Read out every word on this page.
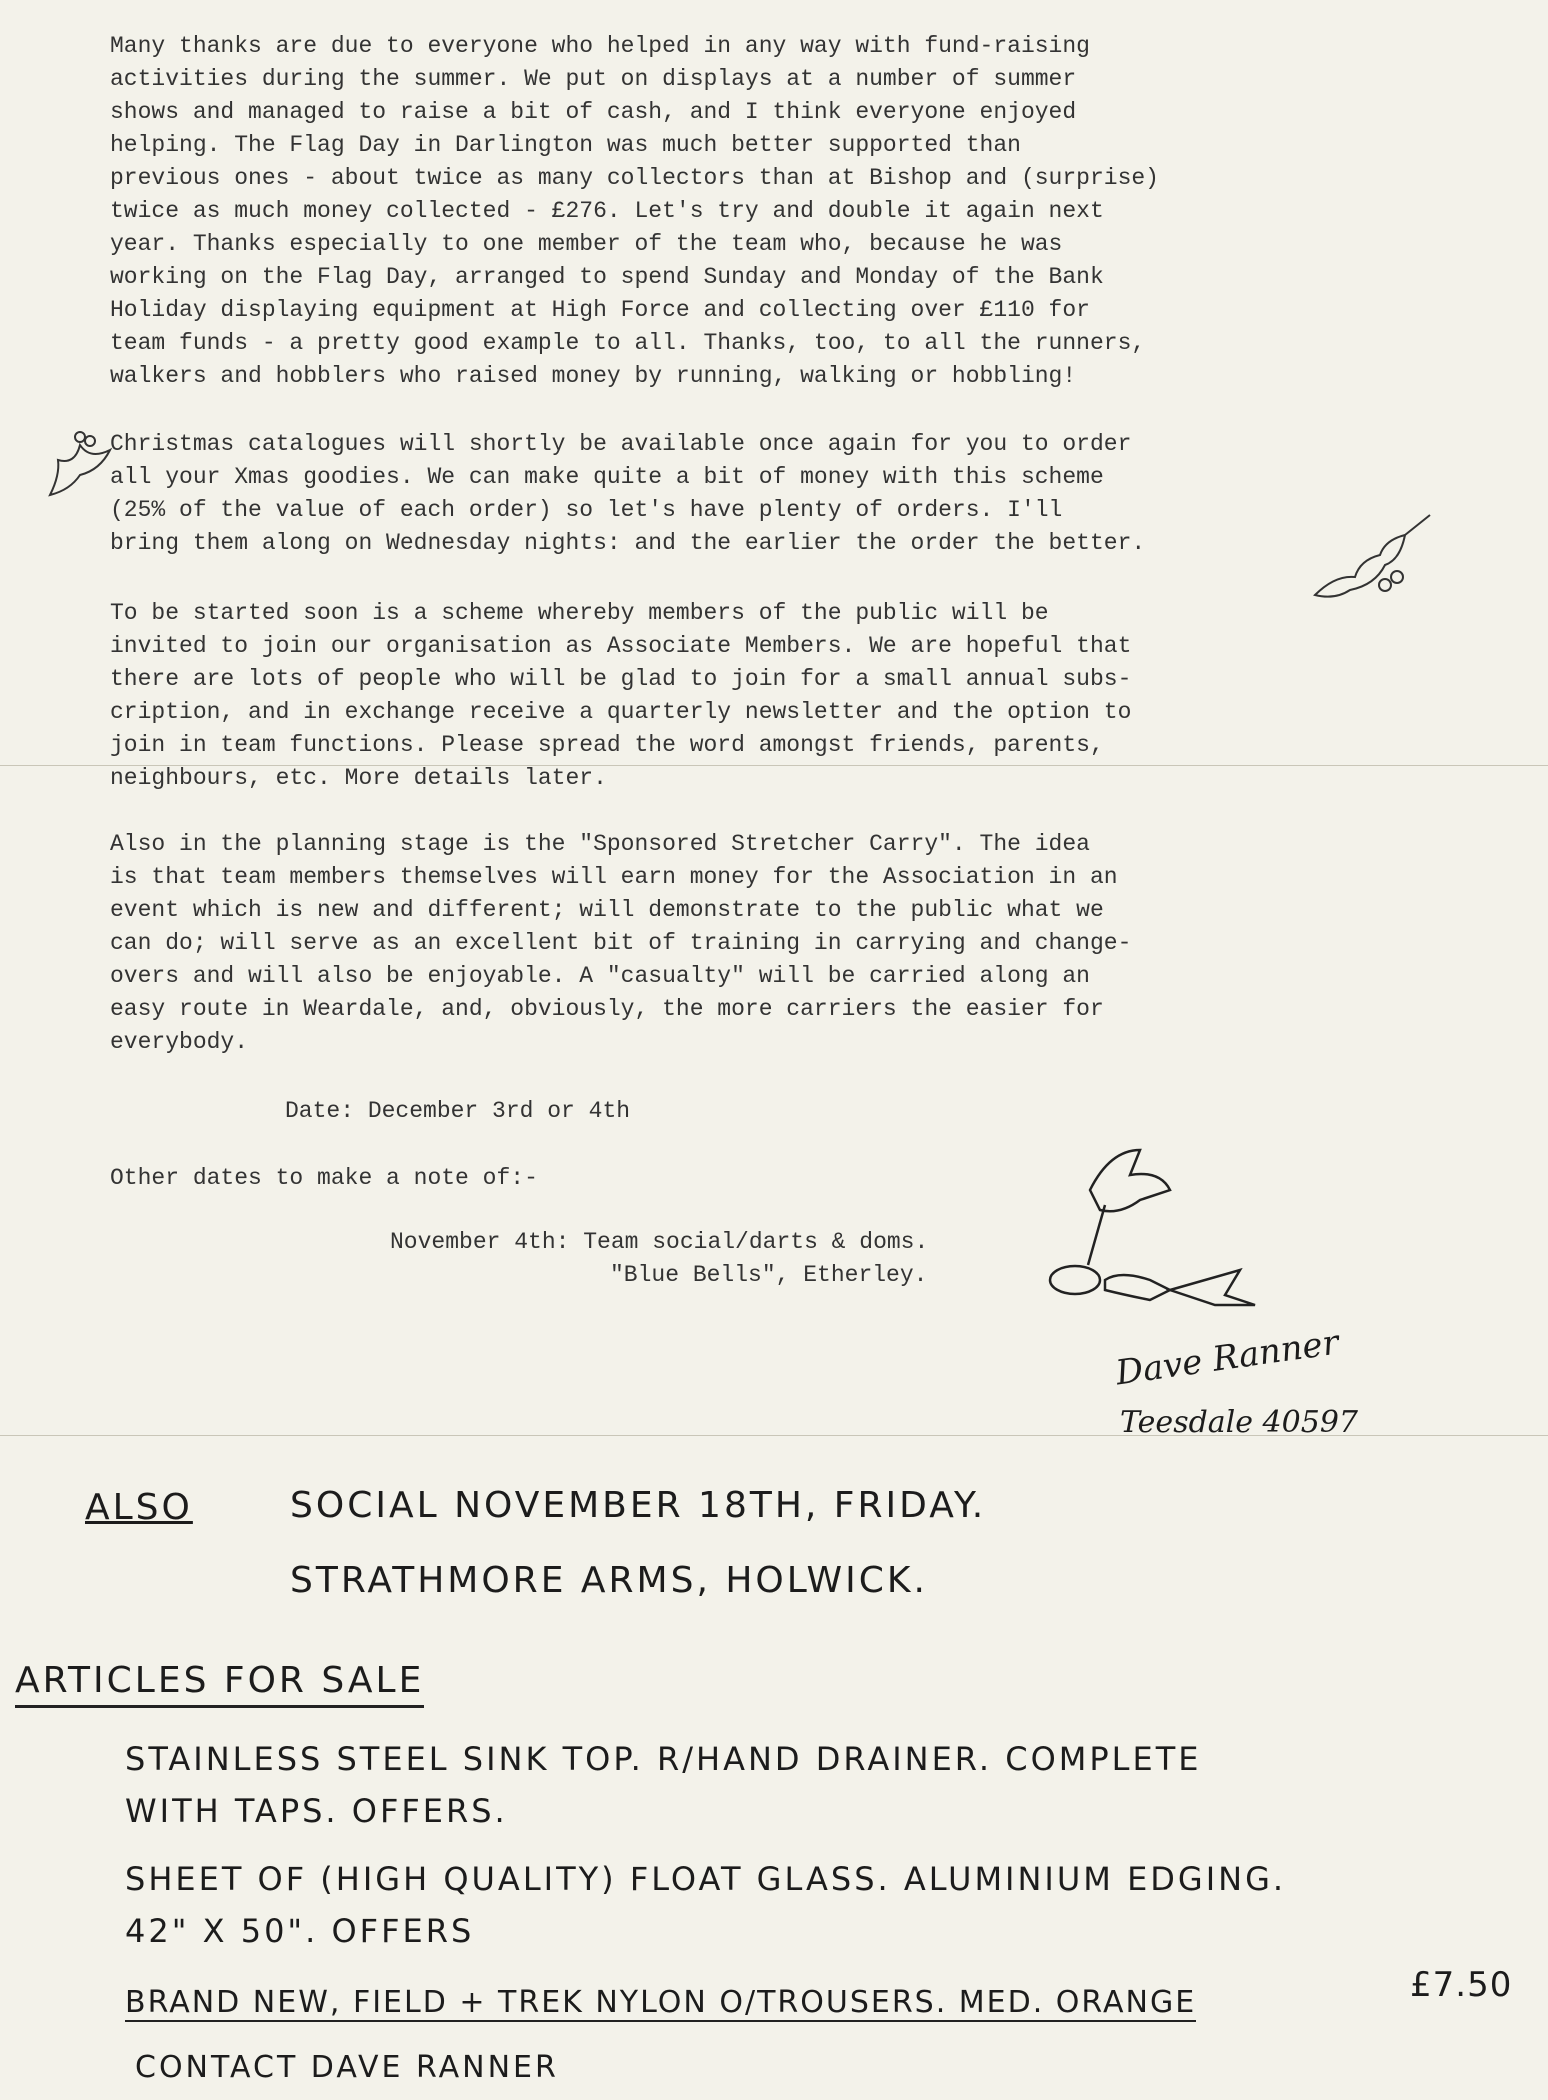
Many thanks are due to everyone who helped in any way with fund-raising

activities during the summer. We put on displays at a number of summer

shows and managed to raise a bit of cash, and I think everyone enjoyed

helping. The Flag Day in Darlington was much better supported than

previous ones - about twice as many collectors than at Bishop and (surprise)

twice as much money collected - £276. Let's try and double it again next

year. Thanks especially to one member of the team who, because he was

working on the Flag Day, arranged to spend Sunday and Monday of the Bank

Holiday displaying equipment at High Force and collecting over £110 for

team funds - a pretty good example to all. Thanks, too, to all the runners,

walkers and hobblers who raised money by running, walking or hobbling!

Christmas catalogues will shortly be available once again for you to order

all your Xmas goodies. We can make quite a bit of money with this scheme

(25% of the value of each order) so let's have plenty of orders. I'll

bring them along on Wednesday nights: and the earlier the order the better.

To be started soon is a scheme whereby members of the public will be

invited to join our organisation as Associate Members. We are hopeful that

there are lots of people who will be glad to join for a small annual subs-

cription, and in exchange receive a quarterly newsletter and the option to

join in team functions. Please spread the word amongst friends, parents,

neighbours, etc. More details later.

Also in the planning stage is the "Sponsored Stretcher Carry". The idea

is that team members themselves will earn money for the Association in an

event which is new and different; will demonstrate to the public what we

can do; will serve as an excellent bit of training in carrying and change-

overs and will also be enjoyable. A "casualty" will be carried along an

easy route in Weardale, and, obviously, the more carriers the easier for

everybody.

Date: December 3rd or 4th

Other dates to make a note of:-

November 4th: Team social/darts & doms.

"Blue Bells", Etherley.

Dave Ranner
Teesdale 40597
ALSO	SOCIAL NOVEMBER 18TH, FRIDAY.
STRATHMORE ARMS, HOLWICK.
ARTICLES FOR SALE
STAINLESS STEEL SINK TOP. R/HAND DRAINER. COMPLETE
WITH TAPS. OFFERS.
SHEET OF (HIGH QUALITY) FLOAT GLASS. ALUMINIUM EDGING.
42" X 50". OFFERS
BRAND NEW, FIELD + TREK NYLON O/TROUSERS. MED. ORANGE	£7.50
CONTACT DAVE RANNER
